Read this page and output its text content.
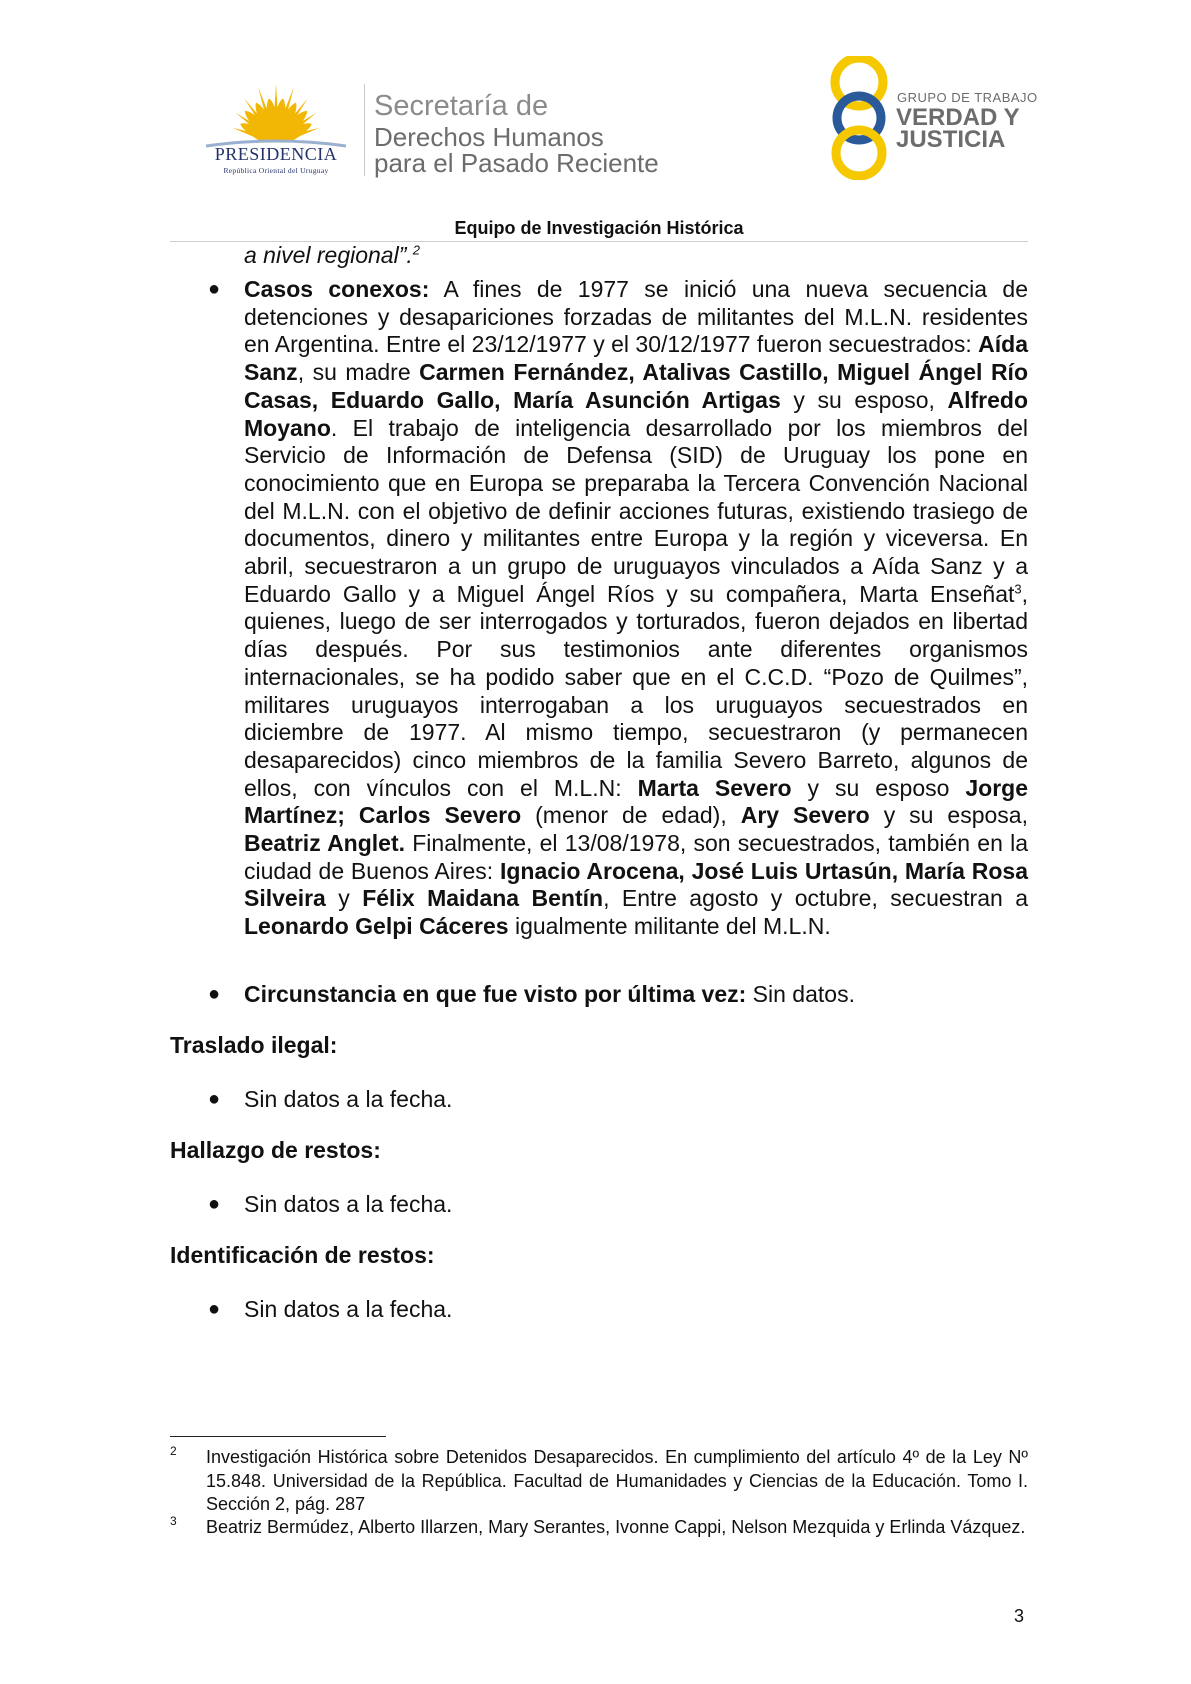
PRESIDENCIA
República Oriental del Uruguay
Secretaría de
Derechos Humanos
para el Pasado Reciente
GRUPO DE TRABAJO
VERDAD Y
JUSTICIA
Equipo de Investigación Histórica
a nivel regional”.$^2$
● Casos conexos: A fines de 1977 se inició una nueva secuencia de detenciones y desapariciones forzadas de militantes del M.L.N. residentes en Argentina. Entre el 23/12/1977 y el 30/12/1977 fueron secuestrados: Aída Sanz, su madre Carmen Fernández, Atalivas Castillo, Miguel Ángel Río Casas, Eduardo Gallo, María Asunción Artigas y su esposo, Alfredo Moyano. El trabajo de inteligencia desarrollado por los miembros del Servicio de Información de Defensa (SID) de Uruguay los pone en conocimiento que en Europa se preparaba la Tercera Convención Nacional del M.L.N. con el objetivo de definir acciones futuras, existiendo trasiego de documentos, dinero y militantes entre Europa y la región y viceversa. En abril, secuestraron a un grupo de uruguayos vinculados a Aída Sanz y a Eduardo Gallo y a Miguel Ángel Ríos y su compañera, Marta Enseñat$^3$, quienes, luego de ser interrogados y torturados, fueron dejados en libertad días después. Por sus testimonios ante diferentes organismos internacionales, se ha podido saber que en el C.C.D. “Pozo de Quilmes”, militares uruguayos interrogaban a los uruguayos secuestrados en diciembre de 1977. Al mismo tiempo, secuestraron (y permanecen desaparecidos) cinco miembros de la familia Severo Barreto, algunos de ellos, con vínculos con el M.L.N: Marta Severo y su esposo Jorge Martínez; Carlos Severo (menor de edad), Ary Severo y su esposa, Beatriz Anglet. Finalmente, el 13/08/1978, son secuestrados, también en la ciudad de Buenos Aires: Ignacio Arocena, José Luis Urtasún, María Rosa Silveira y Félix Maidana Bentín, Entre agosto y octubre, secuestran a Leonardo Gelpi Cáceres igualmente militante del M.L.N.
● Circunstancia en que fue visto por última vez: Sin datos.
Traslado ilegal:
● Sin datos a la fecha.
Hallazgo de restos:
● Sin datos a la fecha.
Identificación de restos:
● Sin datos a la fecha.
2 Investigación Histórica sobre Detenidos Desaparecidos. En cumplimiento del artículo 4º de la Ley Nº 15.848. Universidad de la República. Facultad de Humanidades y Ciencias de la Educación. Tomo I. Sección 2, pág. 287
3 Beatriz Bermúdez, Alberto Illarzen, Mary Serantes, Ivonne Cappi, Nelson Mezquida y Erlinda Vázquez.
3
